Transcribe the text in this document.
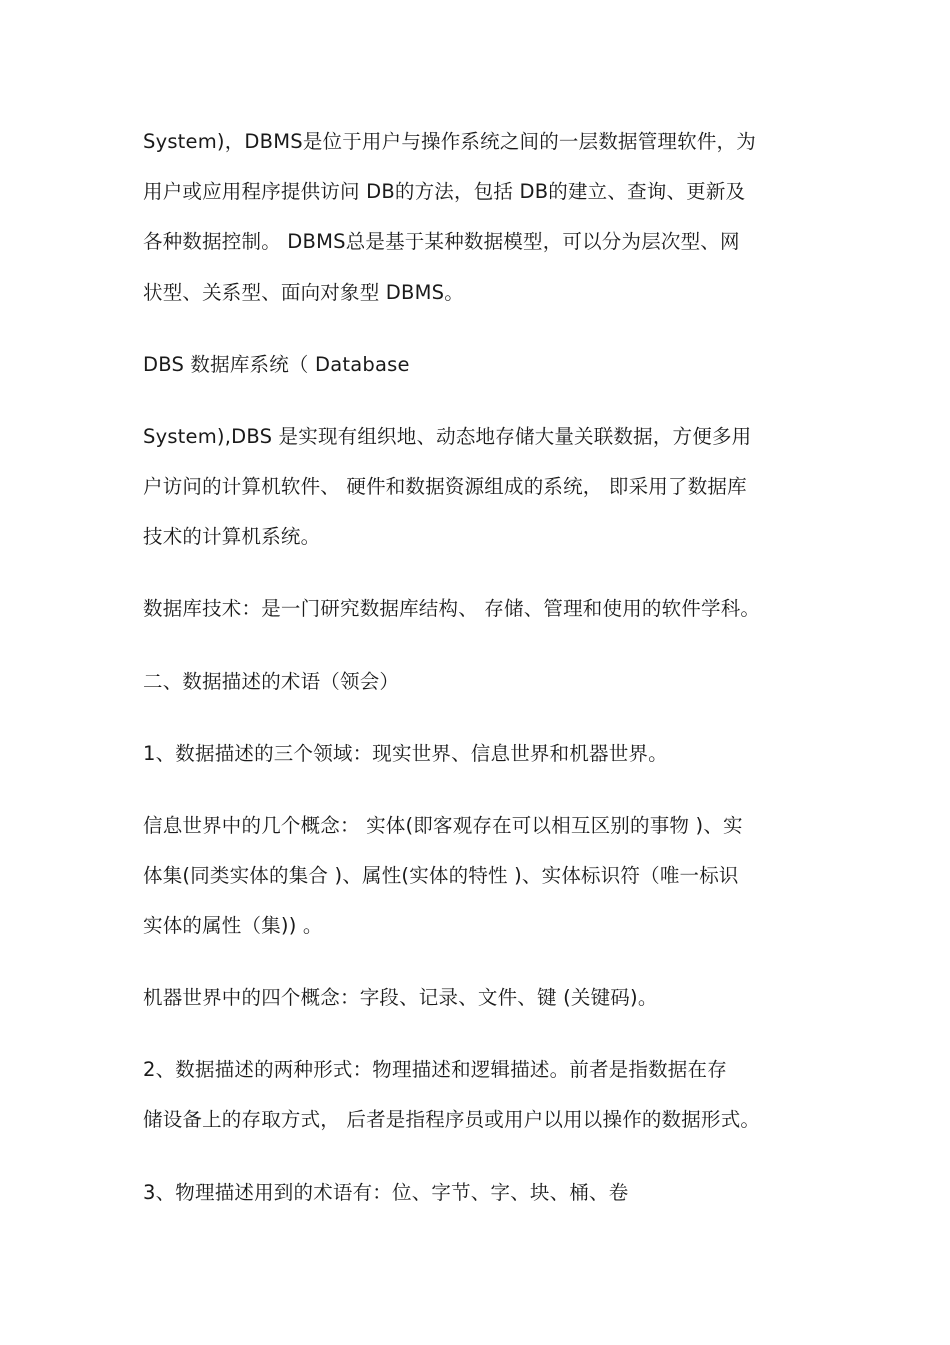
System)，DBMS是位于用户与操作系统之间的一层数据管理软件，为
用户或应用程序提供访问 DB的方法，包括 DB的建立、查询、更新及
各种数据控制。 DBMS总是基于某种数据模型，可以分为层次型、网
状型、关系型、面向对象型 DBMS。
DBS 数据库系统（ Database
System),DBS 是实现有组织地、动态地存储大量关联数据，方便多用
户访问的计算机软件、 硬件和数据资源组成的系统， 即采用了数据库
技术的计算机系统。
数据库技术：是一门研究数据库结构、 存储、管理和使用的软件学科。
二、数据描述的术语（领会）
1、数据描述的三个领域：现实世界、信息世界和机器世界。
信息世界中的几个概念： 实体(即客观存在可以相互区别的事物 )、实
体集(同类实体的集合 )、属性(实体的特性 )、实体标识符（唯一标识
实体的属性（集)) 。
机器世界中的四个概念：字段、记录、文件、键 (关键码)。
2、数据描述的两种形式：物理描述和逻辑描述。前者是指数据在存
储设备上的存取方式， 后者是指程序员或用户以用以操作的数据形式。
3、物理描述用到的术语有：位、字节、字、块、桶、卷
